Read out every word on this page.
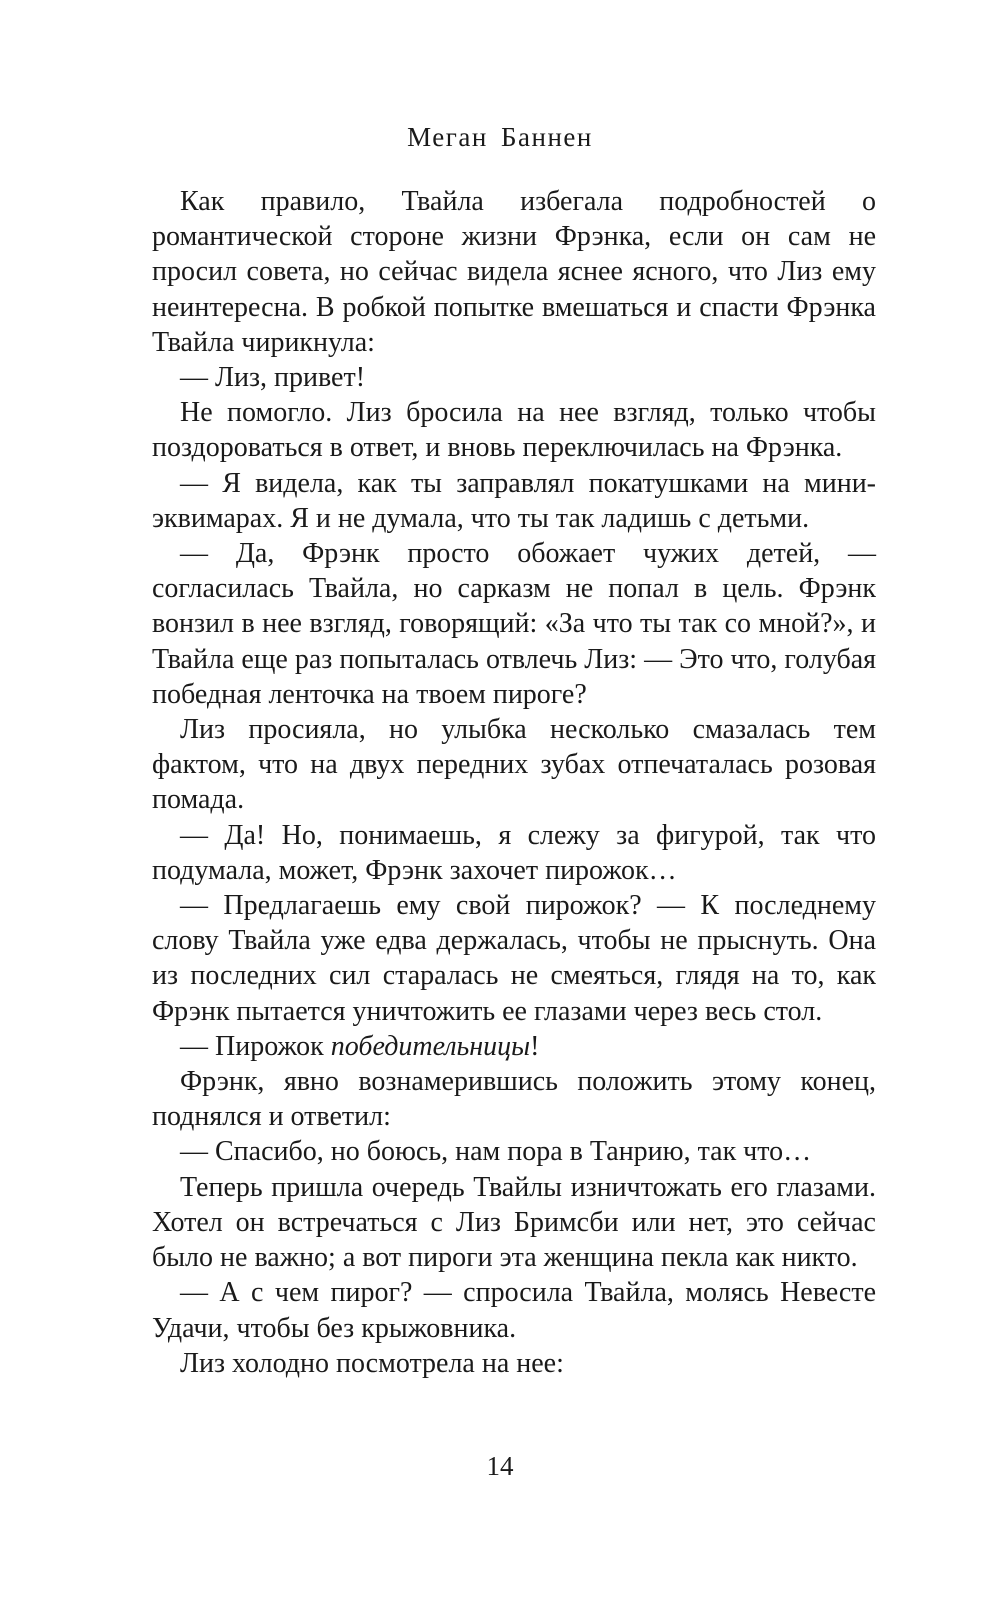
Меган Баннен

Как правило, Твайла избегала подробностей о романтической стороне жизни Фрэнка, если он сам не просил совета, но сейчас видела яснее ясного, что Лиз ему неинтересна. В робкой попытке вмешаться и спасти Фрэнка Твайла чирикнула:

— Лиз, привет!

Не помогло. Лиз бросила на нее взгляд, только чтобы поздороваться в ответ, и вновь переключилась на Фрэнка.

— Я видела, как ты заправлял покатушками на мини-эквимарах. Я и не думала, что ты так ладишь с детьми.

— Да, Фрэнк просто обожает чужих детей, — согласилась Твайла, но сарказм не попал в цель. Фрэнк вонзил в нее взгляд, говорящий: «За что ты так со мной?», и Твайла еще раз попыталась отвлечь Лиз: — Это что, голубая победная ленточка на твоем пироге?

Лиз просияла, но улыбка несколько смазалась тем фактом, что на двух передних зубах отпечаталась розовая помада.

— Да! Но, понимаешь, я слежу за фигурой, так что подумала, может, Фрэнк захочет пирожок…

— Предлагаешь ему свой пирожок? — К последнему слову Твайла уже едва держалась, чтобы не прыснуть. Она из последних сил старалась не смеяться, глядя на то, как Фрэнк пытается уничтожить ее глазами через весь стол.

— Пирожок победительницы!

Фрэнк, явно вознамерившись положить этому конец, поднялся и ответил:

— Спасибо, но боюсь, нам пора в Танрию, так что…

Теперь пришла очередь Твайлы изничтожать его глазами. Хотел он встречаться с Лиз Бримсби или нет, это сейчас было не важно; а вот пироги эта женщина пекла как никто.

— А с чем пирог? — спросила Твайла, молясь Невесте Удачи, чтобы без крыжовника.

Лиз холодно посмотрела на нее:

14
